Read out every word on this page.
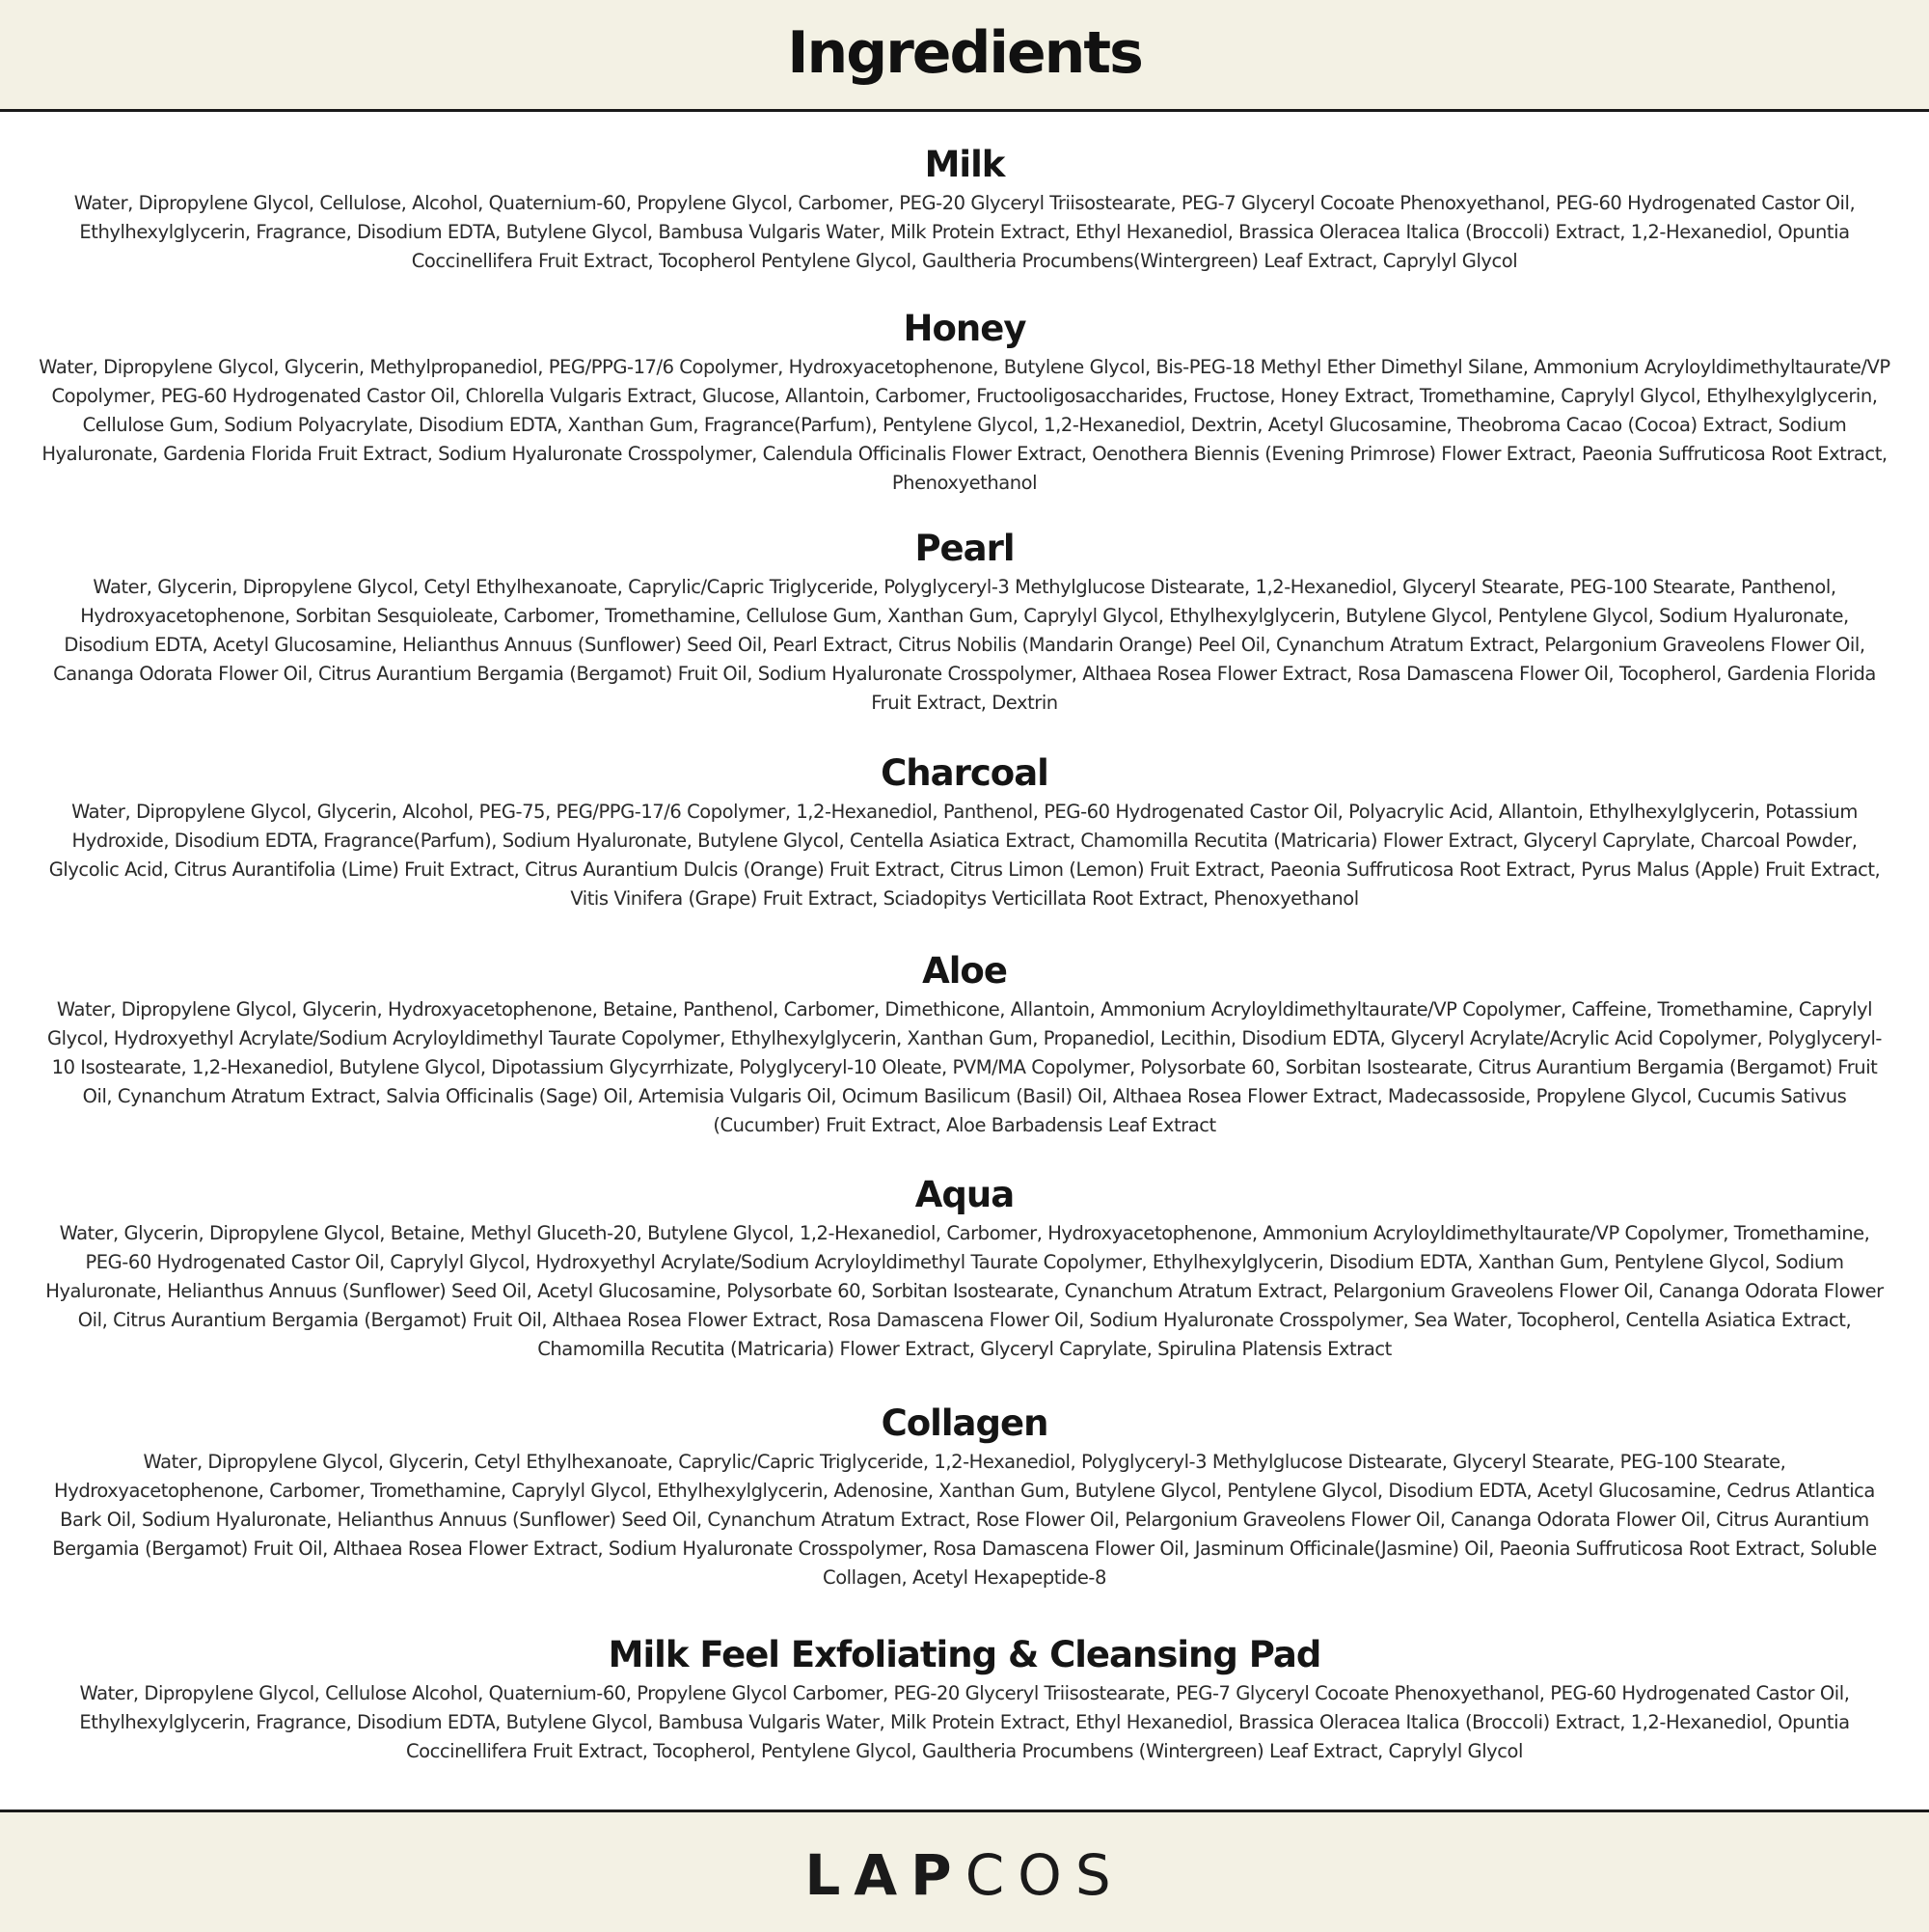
Ingredients
Milk

Water, Dipropylene Glycol, Cellulose, Alcohol, Quaternium-60, Propylene Glycol, Carbomer, PEG-20 Glyceryl Triisostearate, PEG-7 Glyceryl Cocoate Phenoxyethanol, PEG-60 Hydrogenated Castor Oil, Ethylhexylglycerin, Fragrance, Disodium EDTA, Butylene Glycol, Bambusa Vulgaris Water, Milk Protein Extract, Ethyl Hexanediol, Brassica Oleracea Italica (Broccoli) Extract, 1,2-Hexanediol, Opuntia Coccinellifera Fruit Extract, Tocopherol Pentylene Glycol, Gaultheria Procumbens(Wintergreen) Leaf Extract, Caprylyl Glycol

Honey

Water, Dipropylene Glycol, Glycerin, Methylpropanediol, PEG/PPG-17/6 Copolymer, Hydroxyacetophenone, Butylene Glycol, Bis-PEG-18 Methyl Ether Dimethyl Silane, Ammonium Acryloyldimethyltaurate/VP Copolymer, PEG-60 Hydrogenated Castor Oil, Chlorella Vulgaris Extract, Glucose, Allantoin, Carbomer, Fructooligosaccharides, Fructose, Honey Extract, Tromethamine, Caprylyl Glycol, Ethylhexylglycerin, Cellulose Gum, Sodium Polyacrylate, Disodium EDTA, Xanthan Gum, Fragrance(Parfum), Pentylene Glycol, 1,2-Hexanediol, Dextrin, Acetyl Glucosamine, Theobroma Cacao (Cocoa) Extract, Sodium Hyaluronate, Gardenia Florida Fruit Extract, Sodium Hyaluronate Crosspolymer, Calendula Officinalis Flower Extract, Oenothera Biennis (Evening Primrose) Flower Extract, Paeonia Suffruticosa Root Extract, Phenoxyethanol

Pearl

Water, Glycerin, Dipropylene Glycol, Cetyl Ethylhexanoate, Caprylic/Capric Triglyceride, Polyglyceryl-3 Methylglucose Distearate, 1,2-Hexanediol, Glyceryl Stearate, PEG-100 Stearate, Panthenol, Hydroxyacetophenone, Sorbitan Sesquioleate, Carbomer, Tromethamine, Cellulose Gum, Xanthan Gum, Caprylyl Glycol, Ethylhexylglycerin, Butylene Glycol, Pentylene Glycol, Sodium Hyaluronate, Disodium EDTA, Acetyl Glucosamine, Helianthus Annuus (Sunflower) Seed Oil, Pearl Extract, Citrus Nobilis (Mandarin Orange) Peel Oil, Cynanchum Atratum Extract, Pelargonium Graveolens Flower Oil, Cananga Odorata Flower Oil, Citrus Aurantium Bergamia (Bergamot) Fruit Oil, Sodium Hyaluronate Crosspolymer, Althaea Rosea Flower Extract, Rosa Damascena Flower Oil, Tocopherol, Gardenia Florida Fruit Extract, Dextrin

Charcoal

Water, Dipropylene Glycol, Glycerin, Alcohol, PEG-75, PEG/PPG-17/6 Copolymer, 1,2-Hexanediol, Panthenol, PEG-60 Hydrogenated Castor Oil, Polyacrylic Acid, Allantoin, Ethylhexylglycerin, Potassium Hydroxide, Disodium EDTA, Fragrance(Parfum), Sodium Hyaluronate, Butylene Glycol, Centella Asiatica Extract, Chamomilla Recutita (Matricaria) Flower Extract, Glyceryl Caprylate, Charcoal Powder, Glycolic Acid, Citrus Aurantifolia (Lime) Fruit Extract, Citrus Aurantium Dulcis (Orange) Fruit Extract, Citrus Limon (Lemon) Fruit Extract, Paeonia Suffruticosa Root Extract, Pyrus Malus (Apple) Fruit Extract, Vitis Vinifera (Grape) Fruit Extract, Sciadopitys Verticillata Root Extract, Phenoxyethanol

Aloe

Water, Dipropylene Glycol, Glycerin, Hydroxyacetophenone, Betaine, Panthenol, Carbomer, Dimethicone, Allantoin, Ammonium Acryloyldimethyltaurate/VP Copolymer, Caffeine, Tromethamine, Caprylyl Glycol, Hydroxyethyl Acrylate/Sodium Acryloyldimethyl Taurate Copolymer, Ethylhexylglycerin, Xanthan Gum, Propanediol, Lecithin, Disodium EDTA, Glyceryl Acrylate/Acrylic Acid Copolymer, Polyglyceryl-10 Isostearate, 1,2-Hexanediol, Butylene Glycol, Dipotassium Glycyrrhizate, Polyglyceryl-10 Oleate, PVM/MA Copolymer, Polysorbate 60, Sorbitan Isostearate, Citrus Aurantium Bergamia (Bergamot) Fruit Oil, Cynanchum Atratum Extract, Salvia Officinalis (Sage) Oil, Artemisia Vulgaris Oil, Ocimum Basilicum (Basil) Oil, Althaea Rosea Flower Extract, Madecassoside, Propylene Glycol, Cucumis Sativus (Cucumber) Fruit Extract, Aloe Barbadensis Leaf Extract

Aqua

Water, Glycerin, Dipropylene Glycol, Betaine, Methyl Gluceth-20, Butylene Glycol, 1,2-Hexanediol, Carbomer, Hydroxyacetophenone, Ammonium Acryloyldimethyltaurate/VP Copolymer, Tromethamine, PEG-60 Hydrogenated Castor Oil, Caprylyl Glycol, Hydroxyethyl Acrylate/Sodium Acryloyldimethyl Taurate Copolymer, Ethylhexylglycerin, Disodium EDTA, Xanthan Gum, Pentylene Glycol, Sodium Hyaluronate, Helianthus Annuus (Sunflower) Seed Oil, Acetyl Glucosamine, Polysorbate 60, Sorbitan Isostearate, Cynanchum Atratum Extract, Pelargonium Graveolens Flower Oil, Cananga Odorata Flower Oil, Citrus Aurantium Bergamia (Bergamot) Fruit Oil, Althaea Rosea Flower Extract, Rosa Damascena Flower Oil, Sodium Hyaluronate Crosspolymer, Sea Water, Tocopherol, Centella Asiatica Extract, Chamomilla Recutita (Matricaria) Flower Extract, Glyceryl Caprylate, Spirulina Platensis Extract

Collagen

Water, Dipropylene Glycol, Glycerin, Cetyl Ethylhexanoate, Caprylic/Capric Triglyceride, 1,2-Hexanediol, Polyglyceryl-3 Methylglucose Distearate, Glyceryl Stearate, PEG-100 Stearate, Hydroxyacetophenone, Carbomer, Tromethamine, Caprylyl Glycol, Ethylhexylglycerin, Adenosine, Xanthan Gum, Butylene Glycol, Pentylene Glycol, Disodium EDTA, Acetyl Glucosamine, Cedrus Atlantica Bark Oil, Sodium Hyaluronate, Helianthus Annuus (Sunflower) Seed Oil, Cynanchum Atratum Extract, Rose Flower Oil, Pelargonium Graveolens Flower Oil, Cananga Odorata Flower Oil, Citrus Aurantium Bergamia (Bergamot) Fruit Oil, Althaea Rosea Flower Extract, Sodium Hyaluronate Crosspolymer, Rosa Damascena Flower Oil, Jasminum Officinale(Jasmine) Oil, Paeonia Suffruticosa Root Extract, Soluble Collagen, Acetyl Hexapeptide-8

Milk Feel Exfoliating & Cleansing Pad

Water, Dipropylene Glycol, Cellulose Alcohol, Quaternium-60, Propylene Glycol Carbomer, PEG-20 Glyceryl Triisostearate, PEG-7 Glyceryl Cocoate Phenoxyethanol, PEG-60 Hydrogenated Castor Oil, Ethylhexylglycerin, Fragrance, Disodium EDTA, Butylene Glycol, Bambusa Vulgaris Water, Milk Protein Extract, Ethyl Hexanediol, Brassica Oleracea Italica (Broccoli) Extract, 1,2-Hexanediol, Opuntia Coccinellifera Fruit Extract, Tocopherol, Pentylene Glycol, Gaultheria Procumbens (Wintergreen) Leaf Extract, Caprylyl Glycol

LAPCOS
